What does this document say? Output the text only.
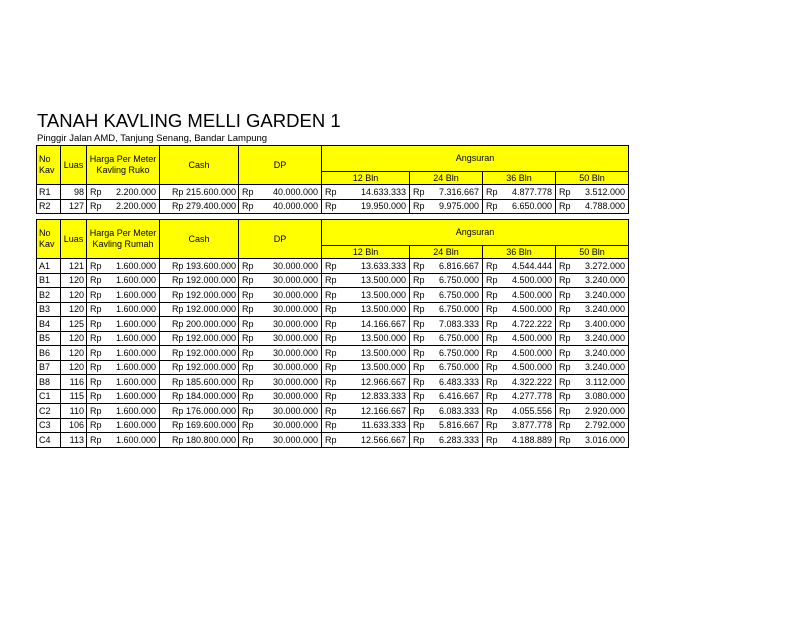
TANAH KAVLING MELLI GARDEN 1

Pinggir Jalan AMD, Tanjung Senang, Bandar Lampung

No Kav	Luas	Harga Per Meter Kavling Ruko		Cash	DP		Angsuran							
							12 Bln		24 Bln		36 Bln		50 Bln	
R1	98	Rp	2.200.000	Rp 215.600.000	Rp	40.000.000	Rp	14.633.333	Rp	7.316.667	Rp	4.877.778	Rp	3.512.000
R2	127	Rp	2.200.000	Rp 279.400.000	Rp	40.000.000	Rp	19.950.000	Rp	9.975.000	Rp	6.650.000	Rp	4.788.000
No Kav	Luas	Harga Per Meter Kavling Rumah		Cash	DP		Angsuran							
							12 Bln		24 Bln		36 Bln		50 Bln	
A1	121	Rp	1.600.000	Rp 193.600.000	Rp	30.000.000	Rp	13.633.333	Rp	6.816.667	Rp	4.544.444	Rp	3.272.000
B1	120	Rp	1.600.000	Rp 192.000.000	Rp	30.000.000	Rp	13.500.000	Rp	6.750.000	Rp	4.500.000	Rp	3.240.000
B2	120	Rp	1.600.000	Rp 192.000.000	Rp	30.000.000	Rp	13.500.000	Rp	6.750.000	Rp	4.500.000	Rp	3.240.000
B3	120	Rp	1.600.000	Rp 192.000.000	Rp	30.000.000	Rp	13.500.000	Rp	6.750.000	Rp	4.500.000	Rp	3.240.000
B4	125	Rp	1.600.000	Rp 200.000.000	Rp	30.000.000	Rp	14.166.667	Rp	7.083.333	Rp	4.722.222	Rp	3.400.000
B5	120	Rp	1.600.000	Rp 192.000.000	Rp	30.000.000	Rp	13.500.000	Rp	6.750.000	Rp	4.500.000	Rp	3.240.000
B6	120	Rp	1.600.000	Rp 192.000.000	Rp	30.000.000	Rp	13.500.000	Rp	6.750.000	Rp	4.500.000	Rp	3.240.000
B7	120	Rp	1.600.000	Rp 192.000.000	Rp	30.000.000	Rp	13.500.000	Rp	6.750.000	Rp	4.500.000	Rp	3.240.000
B8	116	Rp	1.600.000	Rp 185.600.000	Rp	30.000.000	Rp	12.966.667	Rp	6.483.333	Rp	4.322.222	Rp	3.112.000
C1	115	Rp	1.600.000	Rp 184.000.000	Rp	30.000.000	Rp	12.833.333	Rp	6.416.667	Rp	4.277.778	Rp	3.080.000
C2	110	Rp	1.600.000	Rp 176.000.000	Rp	30.000.000	Rp	12.166.667	Rp	6.083.333	Rp	4.055.556	Rp	2.920.000
C3	106	Rp	1.600.000	Rp 169.600.000	Rp	30.000.000	Rp	11.633.333	Rp	5.816.667	Rp	3.877.778	Rp	2.792.000
C4	113	Rp	1.600.000	Rp 180.800.000	Rp	30.000.000	Rp	12.566.667	Rp	6.283.333	Rp	4.188.889	Rp	3.016.000
